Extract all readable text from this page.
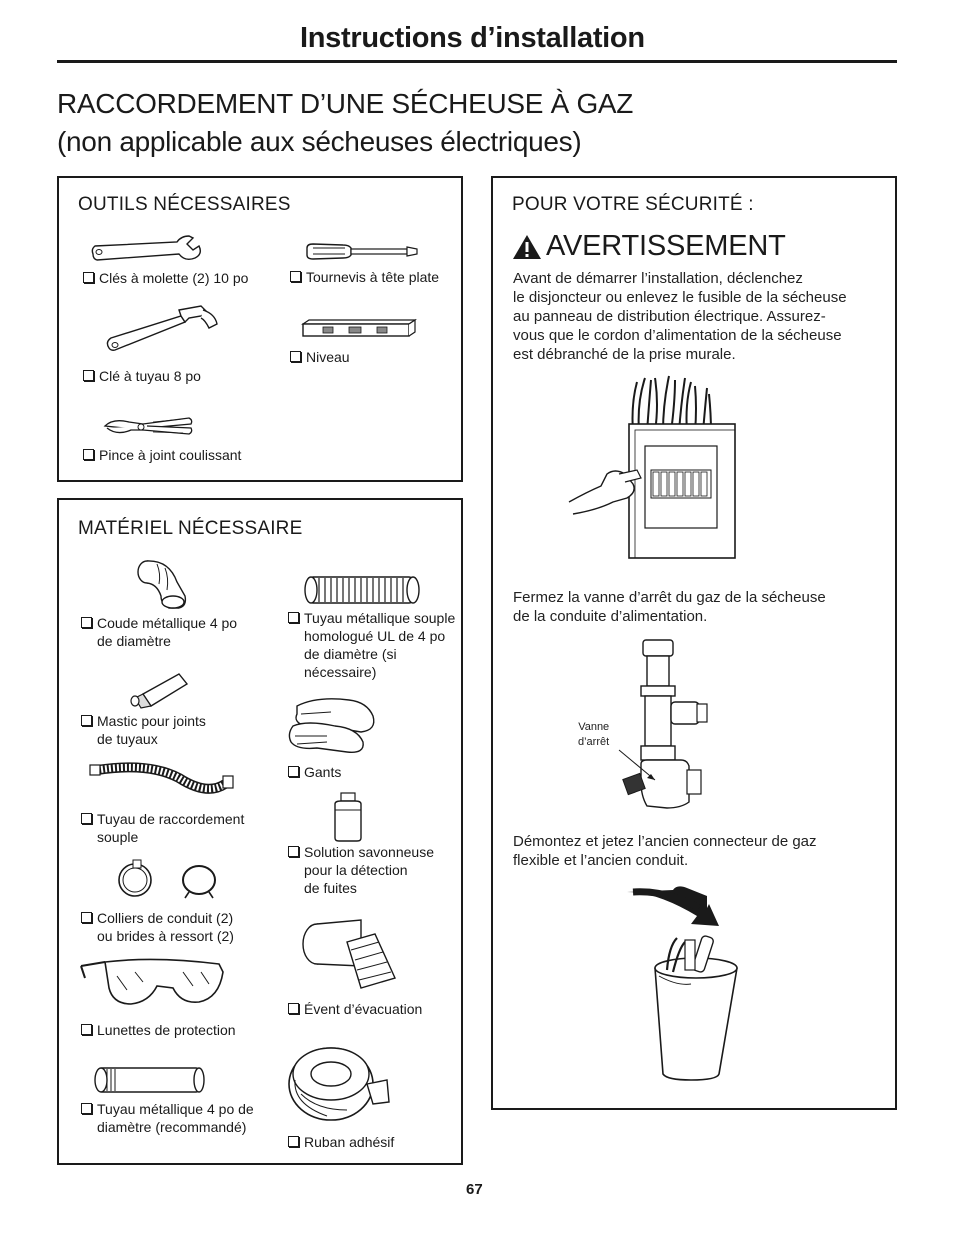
Instructions d’installation
RACCORDEMENT D’UNE SÉCHEUSE À GAZ
(non applicable aux sécheuses électriques)
OUTILS NÉCESSAIRES
Clés à molette (2) 10 po	Tournevis à tête plate
Clé à tuyau 8 po
Niveau
Pince à joint coulissant
MATÉRIEL NÉCESSAIRE
Coude métallique 4 po
de diamètre
Tuyau métallique souple
homologué UL de 4 po
de diamètre (si
nécessaire)
Mastic pour joints
de tuyaux
Gants
Tuyau de raccordement
souple
Solution savonneuse
pour la détection
de fuites
Colliers de conduit (2)
ou brides à ressort (2)
Évent d’évacuation
Lunettes de protection
Ruban adhésif
Tuyau métallique 4 po de
diamètre (recommandé)
POUR VOTRE SÉCURITÉ :
AVERTISSEMENT
Avant de démarrer l’installation, déclenchez
le disjoncteur ou enlevez le fusible de la sécheuse
au panneau de distribution électrique. Assurez-
vous que le cordon d’alimentation de la sécheuse
est débranché de la prise murale.
Fermez la vanne d’arrêt du gaz de la sécheuse
de la conduite d’alimentation.
Vanne
d’arrêt
Démontez et jetez l’ancien connecteur de gaz
flexible et l’ancien conduit.
67
